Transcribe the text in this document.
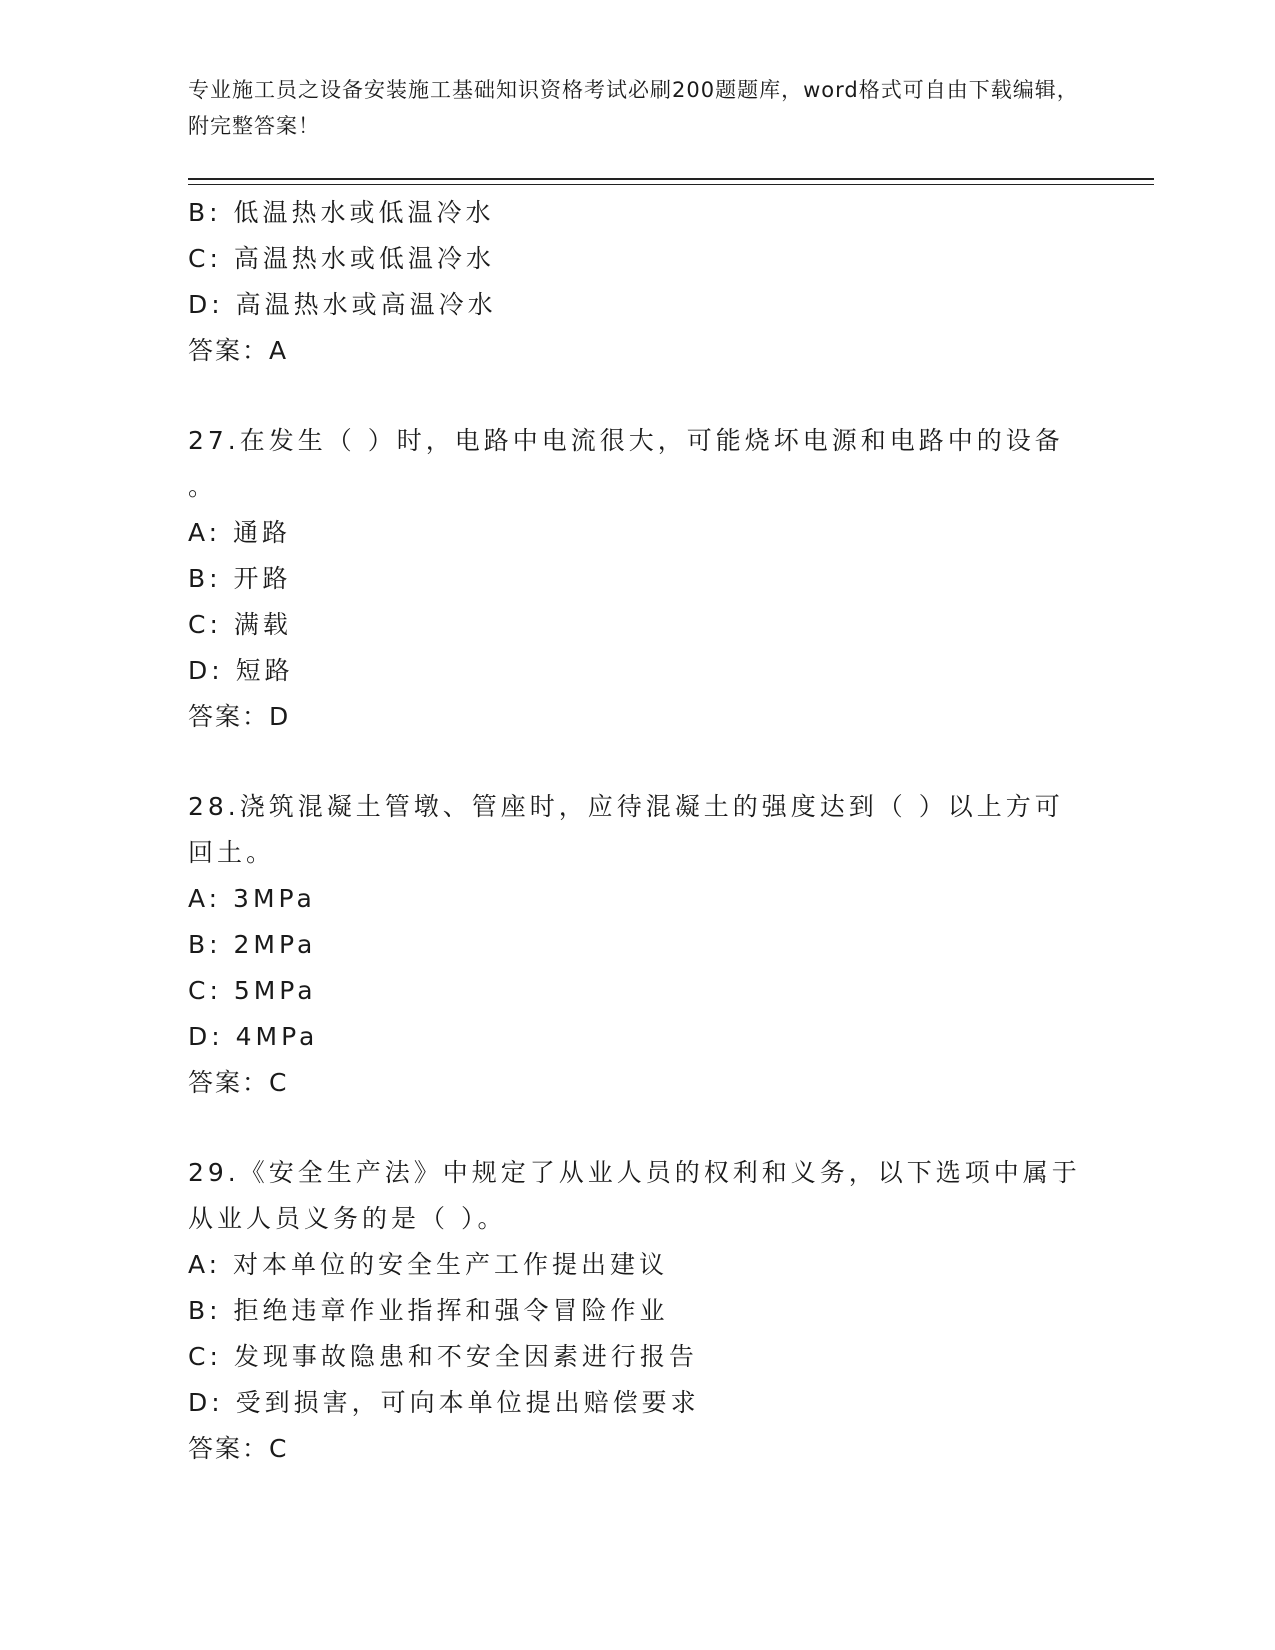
专业施工员之设备安装施工基础知识资格考试必刷200题题库，word格式可自由下载编辑，附完整答案！
B: 低温热水或低温冷水
C: 高温热水或低温冷水
D: 高温热水或高温冷水
答案：A
27.在发生（ ）时，电路中电流很大，可能烧坏电源和电路中的设备
。
A: 通路
B: 开路
C: 满载
D: 短路
答案：D
28.浇筑混凝土管墩、管座时，应待混凝土的强度达到（ ）以上方可
回土。
A: 3MPa
B: 2MPa
C: 5MPa
D: 4MPa
答案：C
29.《安全生产法》中规定了从业人员的权利和义务，以下选项中属于
从业人员义务的是（ ）。
A: 对本单位的安全生产工作提出建议
B: 拒绝违章作业指挥和强令冒险作业
C: 发现事故隐患和不安全因素进行报告
D: 受到损害，可向本单位提出赔偿要求
答案：C
